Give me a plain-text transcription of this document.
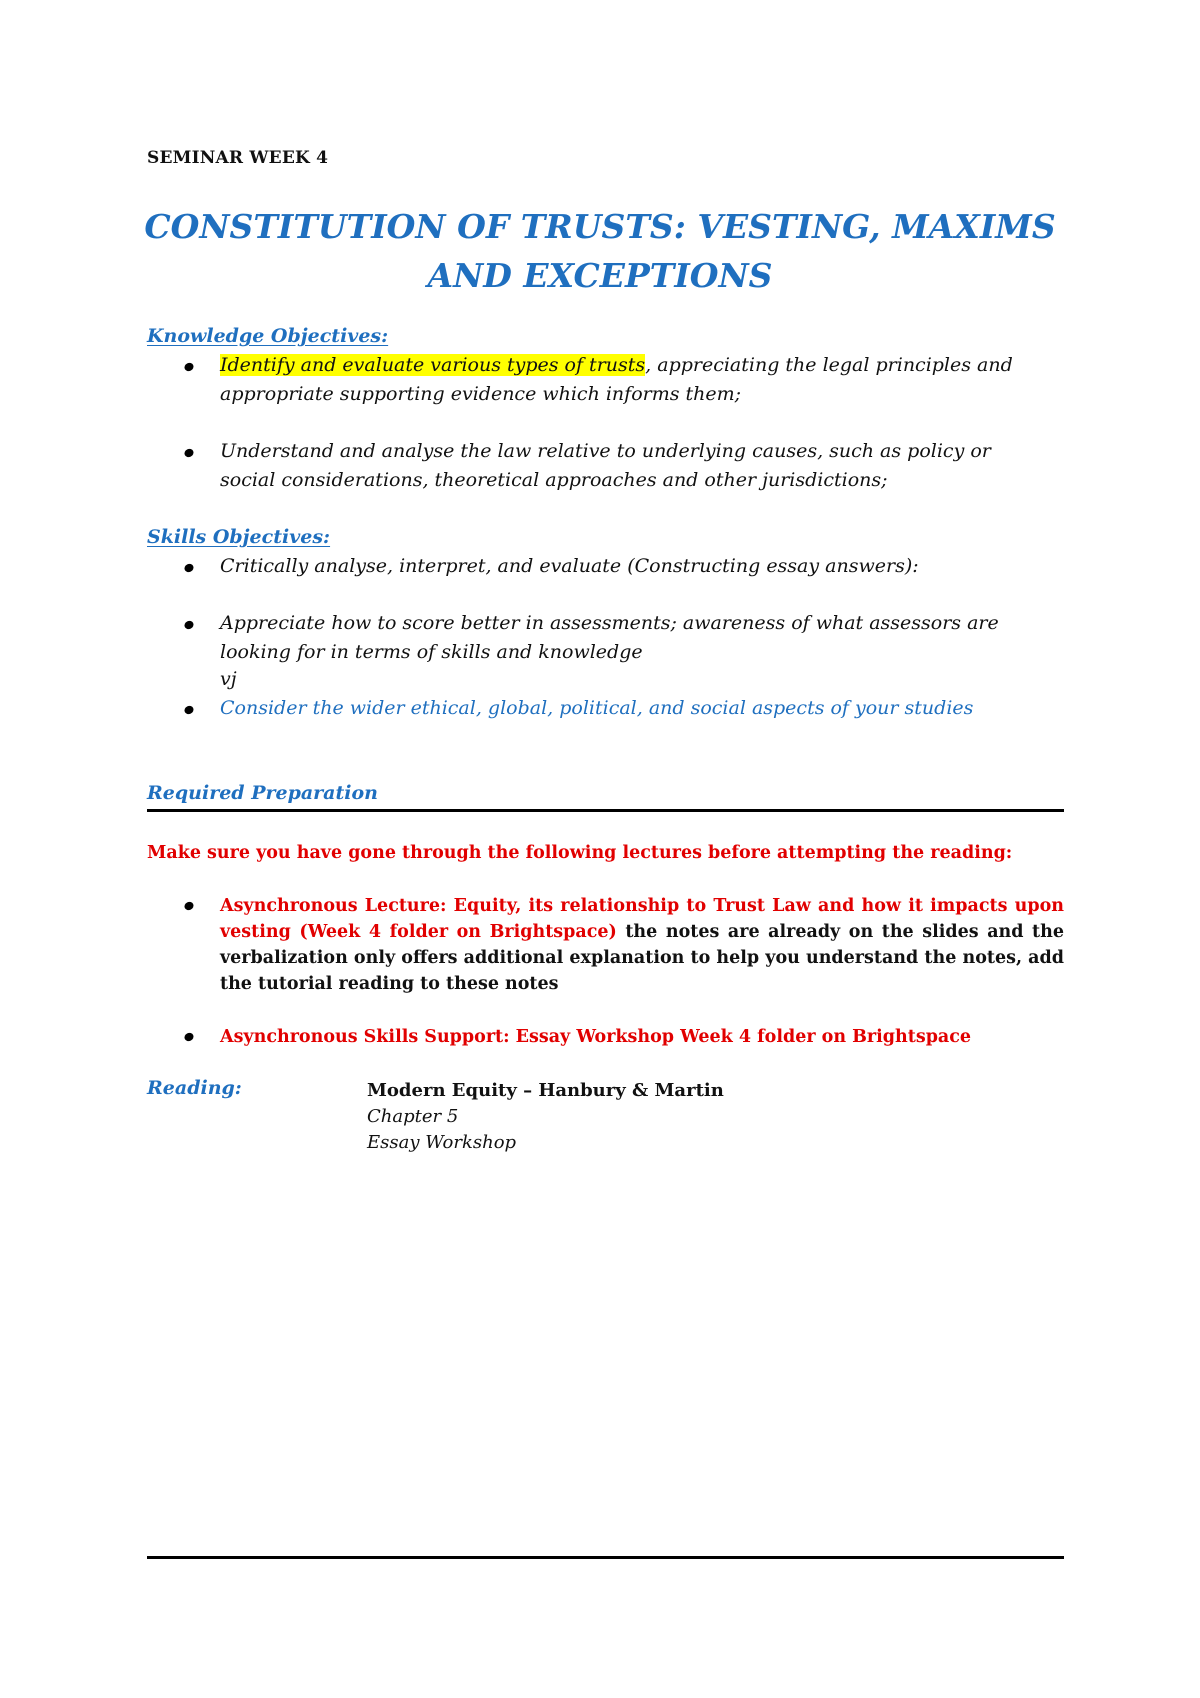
SEMINAR WEEK 4
CONSTITUTION OF TRUSTS: VESTING, MAXIMS
AND EXCEPTIONS
Knowledge Objectives:
Identify and evaluate various types of trusts, appreciating the legal principles and
appropriate supporting evidence which informs them;
Understand and analyse the law relative to underlying causes, such as policy or
social considerations, theoretical approaches and other jurisdictions;
Skills Objectives:
Critically analyse, interpret, and evaluate (Constructing essay answers):
Appreciate how to score better in assessments; awareness of what assessors are
looking for in terms of skills and knowledge
vj
Consider the wider ethical, global, political, and social aspects of your studies
Required Preparation
Make sure you have gone through the following lectures before attempting the reading:
Asynchronous Lecture: Equity, its relationship to Trust Law and how it impacts upon vesting (Week 4 folder on Brightspace) the notes are already on the slides and the verbalization only offers additional explanation to help you understand the notes, add the tutorial reading to these notes
Asynchronous Skills Support: Essay Workshop Week 4 folder on Brightspace
Reading:	Modern Equity – Hanbury & Martin
Chapter 5
Essay Workshop
